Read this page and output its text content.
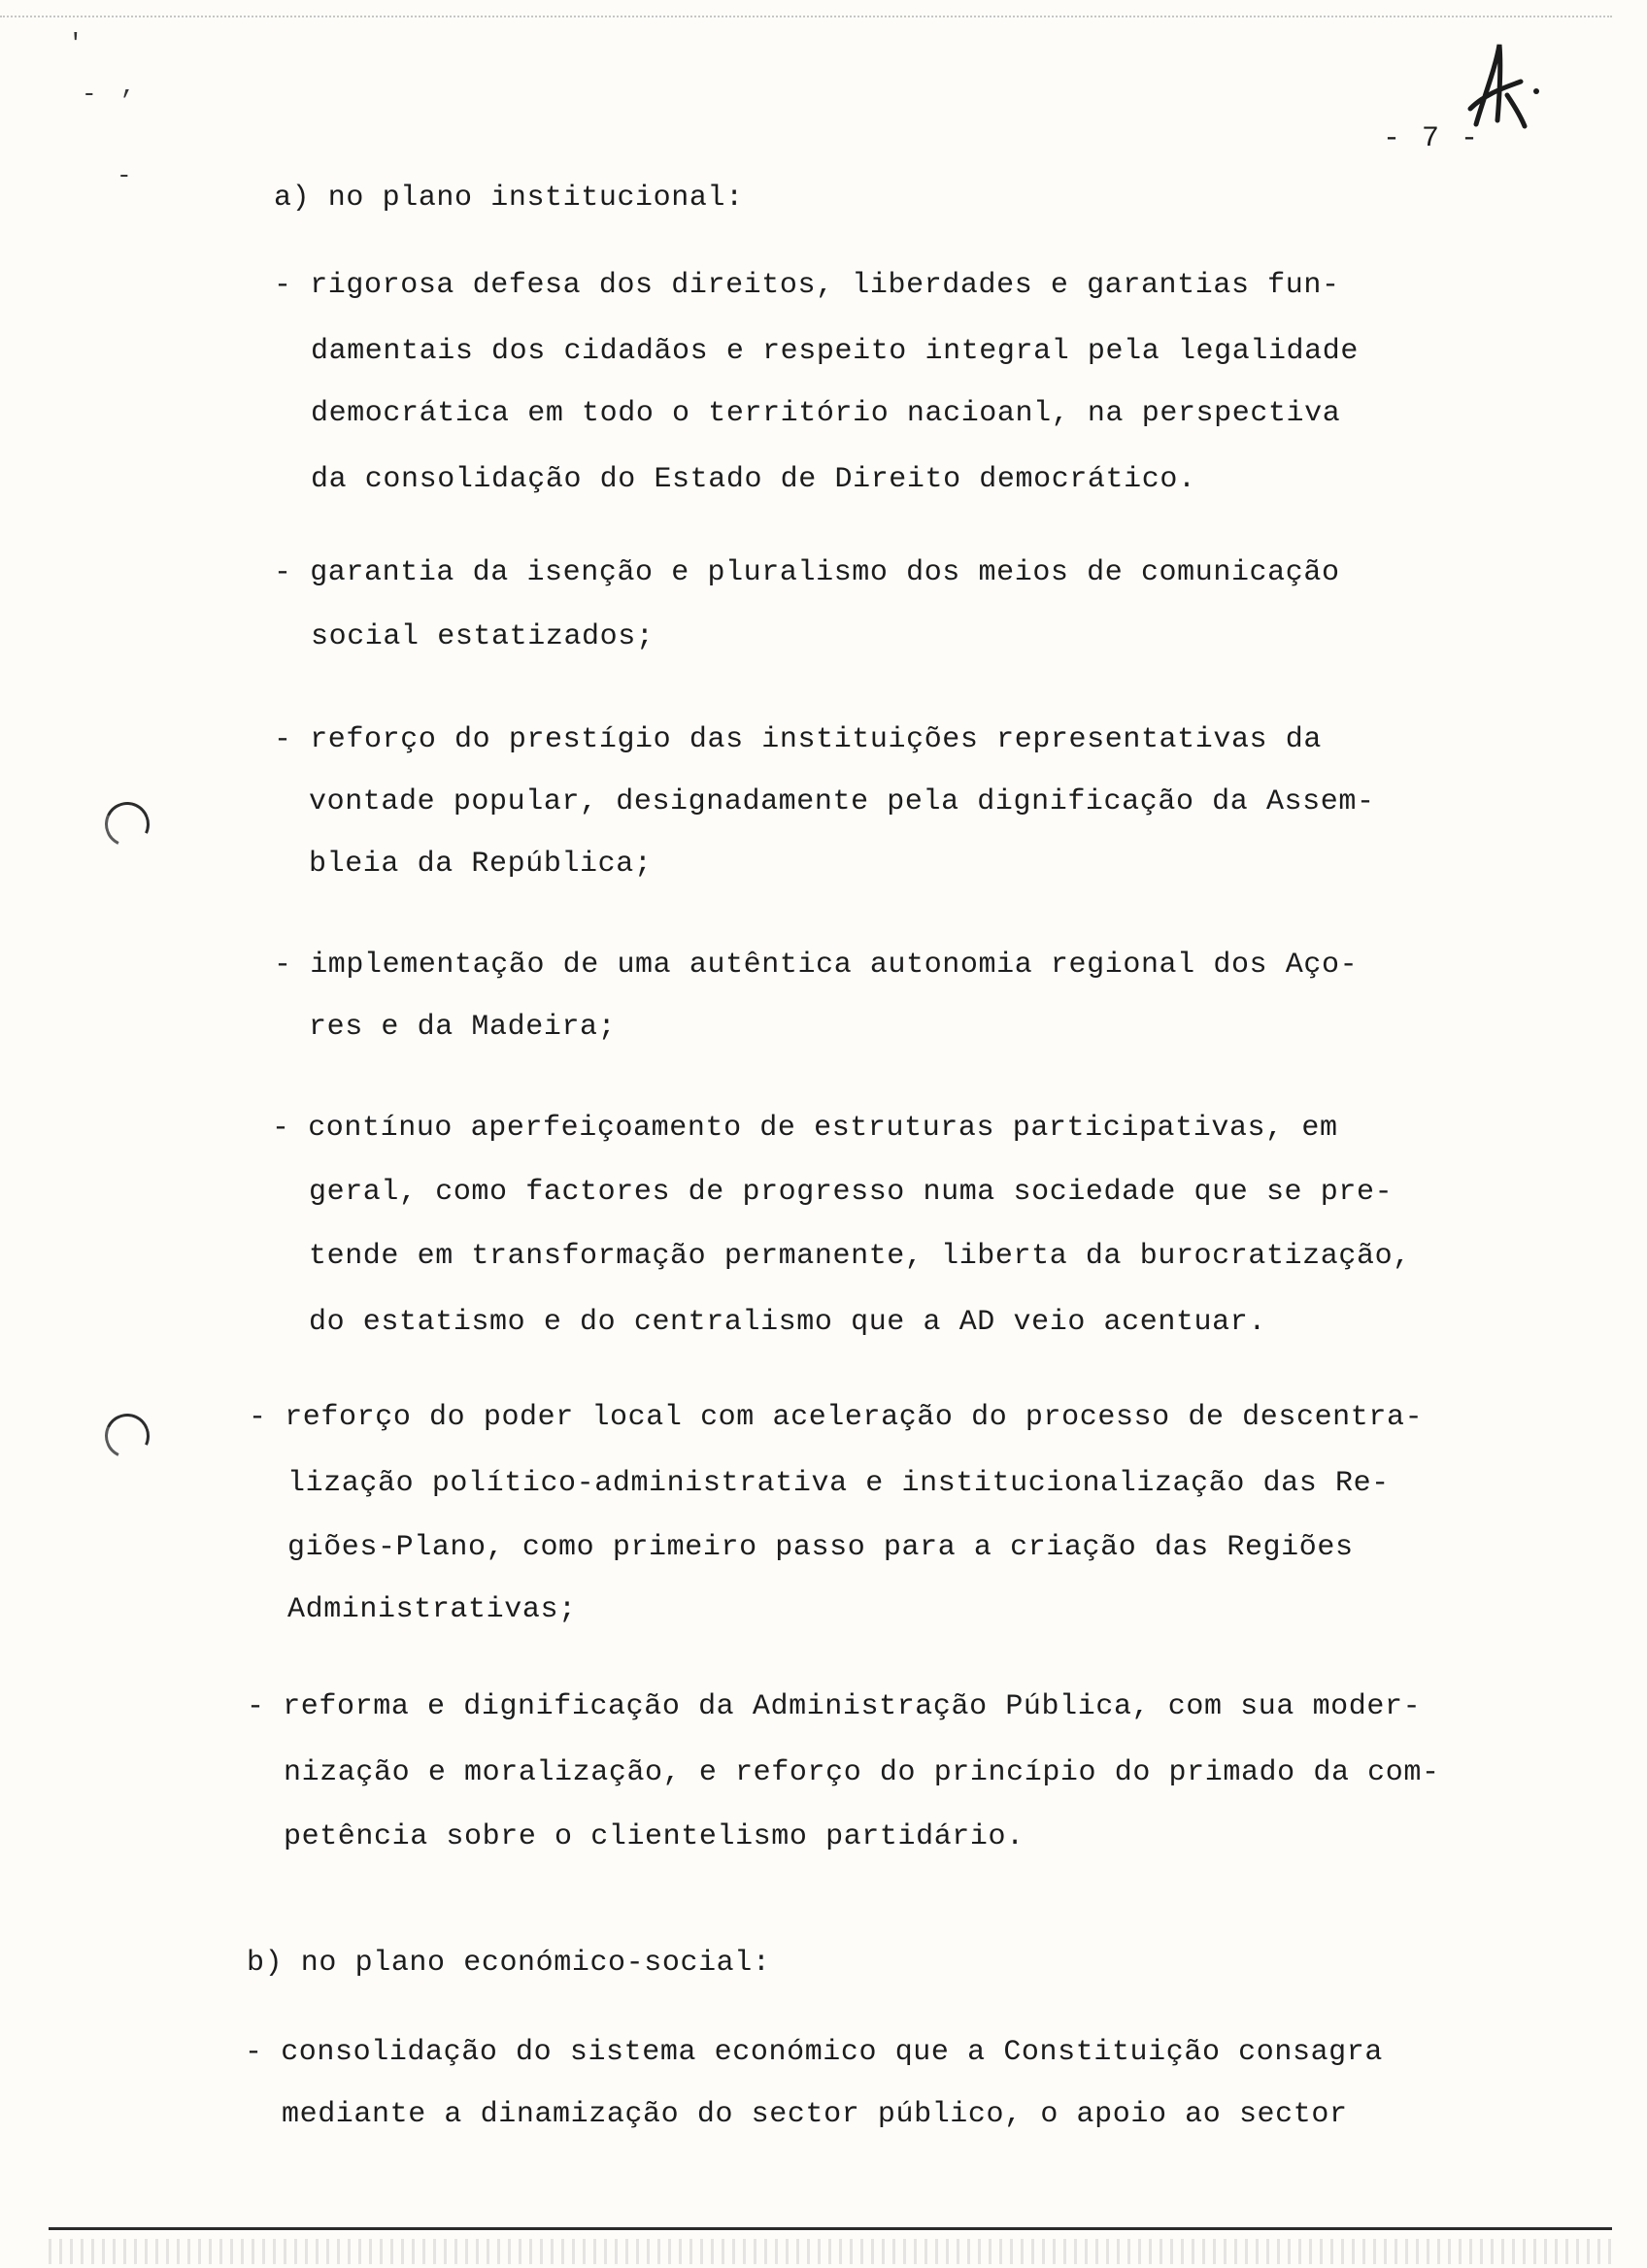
'
- ,
-
- 7 -
a) no plano institucional:
- rigorosa defesa dos direitos, liberdades e garantias fun-
damentais dos cidadãos e respeito integral pela legalidade
democrática em todo o território nacioanl, na perspectiva
da consolidação do Estado de Direito democrático.
- garantia da isenção e pluralismo dos meios de comunicação
social estatizados;
- reforço do prestígio das instituições representativas da
vontade popular, designadamente pela dignificação da Assem-
bleia da República;
- implementação de uma autêntica autonomia regional dos Aço-
res e da Madeira;
- contínuo aperfeiçoamento de estruturas participativas, em
geral, como factores de progresso numa sociedade que se pre-
tende em transformação permanente, liberta da burocratização,
do estatismo e do centralismo que a AD veio acentuar.
- reforço do poder local com aceleração do processo de descentra-
lização político-administrativa e institucionalização das Re-
giões-Plano, como primeiro passo para a criação das Regiões
Administrativas;
- reforma e dignificação da Administração Pública, com sua moder-
nização e moralização, e reforço do princípio do primado da com-
petência sobre o clientelismo partidário.
b) no plano económico-social:
- consolidação do sistema económico que a Constituição consagra
mediante a dinamização do sector público, o apoio ao sector
